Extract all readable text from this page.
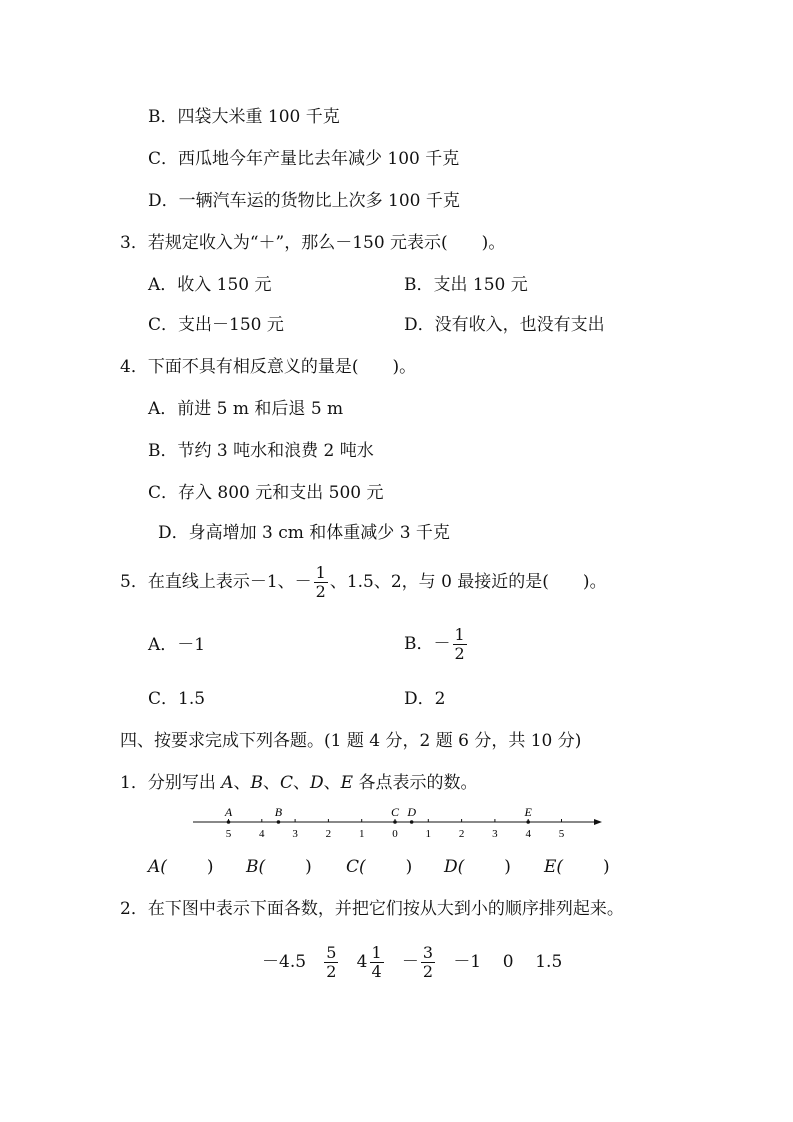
B．四袋大米重 100 千克
C．西瓜地今年产量比去年减少 100 千克
D．一辆汽车运的货物比上次多 100 千克
3．若规定收入为“＋”，那么－150 元表示(　　)。
A．收入 150 元	B．支出 150 元
C．支出－150 元	D．没有收入，也没有支出
4．下面不具有相反意义的量是(　　)。
A．前进 5 m 和后退 5 m
B．节约 3 吨水和浪费 2 吨水
C．存入 800 元和支出 500 元
D．身高增加 3 cm 和体重减少 3 千克
5．在直线上表示－1、－ $\frac{1}{2}$ 、1.5、2，与 0 最接近的是(　　)。
A．－1	B．－ $\frac{1}{2}$
C．1.5	D．2
四、按要求完成下列各题。(1 题 4 分，2 题 6 分，共 10 分)
1．分别写出 A、B、C、D、E 各点表示的数。
5	4	3	2	1	0	1	2	3	4	5
A	B	C D	E
A( ) B( ) C( ) D( ) E( )
2．在下图中表示下面各数，并把它们按从大到小的顺序排列起来。
$-4.5 \frac{5}{2} 4 \frac{1}{4} - \frac{3}{2} -1$ 0 1.5
